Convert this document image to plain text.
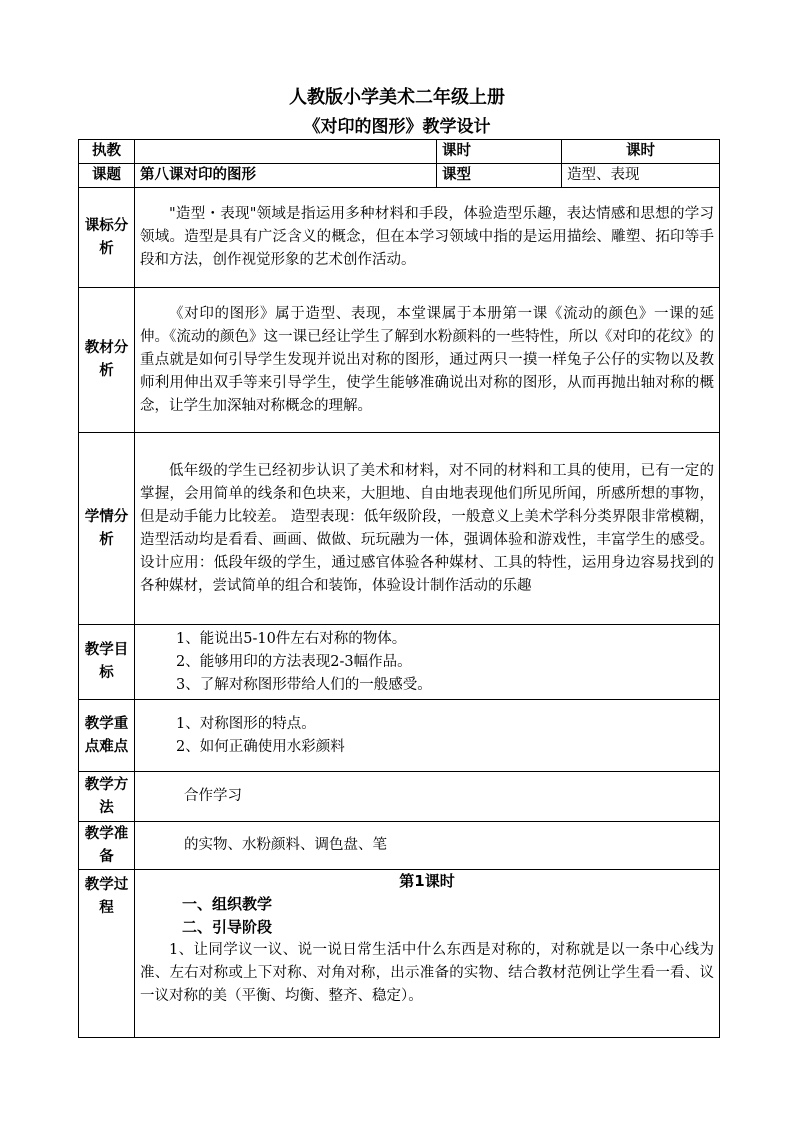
人教版小学美术二年级上册
《对印的图形》教学设计
执教		课时	课时
课题	第八课对印的图形	课型	造型、表现
课标分析	"造型・表现"领域是指运用多种材料和手段，体验造型乐趣，表达情感和思想的学习领域。造型是具有广泛含义的概念，但在本学习领域中指的是运用描绘、雕塑、拓印等手段和方法，创作视觉形象的艺术创作活动。		

教材分析	《对印的图形》属于造型、表现，本堂课属于本册第一课《流动的颜色》一课的延伸。《流动的颜色》这一课已经让学生了解到水粉颜料的一些特性，所以《对印的花纹》的重点就是如何引导学生发现并说出对称的图形，通过两只一摸一样兔子公仔的实物以及教师利用伸出双手等来引导学生，使学生能够准确说出对称的图形，从而再抛出轴对称的概念，让学生加深轴对称概念的理解。		

学情分析	低年级的学生已经初步认识了美术和材料，对不同的材料和工具的使用，已有一定的掌握，会用简单的线条和色块来，大胆地、自由地表现他们所见所闻，所感所想的事物，但是动手能力比较差。 造型表现：低年级阶段，一般意义上美术学科分类界限非常模糊，造型活动均是看看、画画、做做、玩玩融为一体，强调体验和游戏性，丰富学生的感受。 设计应用：低段年级的学生，通过感官体验各种媒材、工具的特性，运用身边容易找到的各种媒材，尝试简单的组合和装饰，体验设计制作活动的乐趣		

教学目标	1、能说出5-10件左右对称的物体。
2、能够用印的方法表现2-3幅作品。
3、了解对称图形带给人们的一般感受。		

教学重点难点	1、对称图形的特点。
2、如何正确使用水彩颜料		

教学方法	合作学习		

教学准备	的实物、水粉颜料、调色盘、笔		

教学过程	第1课时
一、组织教学
二、引导阶段
1、让同学议一议、说一说日常生活中什么东西是对称的，对称就是以一条中心线为准、左右对称或上下对称、对角对称，出示准备的实物、结合教材范例让学生看一看、议一议对称的美（平衡、均衡、整齐、稳定）。		
